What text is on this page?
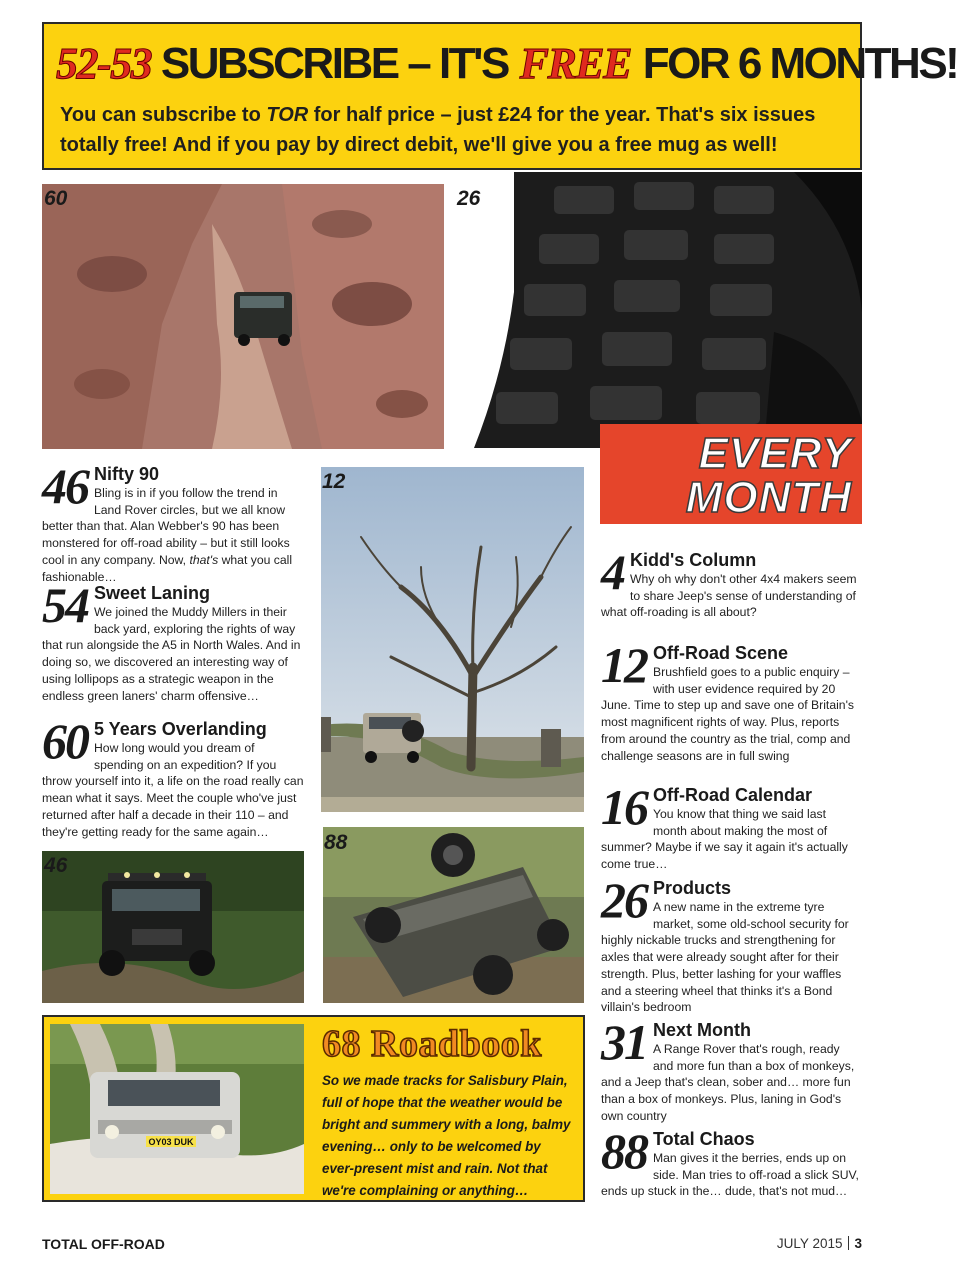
52-53 SUBSCRIBE – IT'S FREE FOR 6 MONTHS!
You can subscribe to TOR for half price – just £24 for the year. That's six issues
totally free! And if you pay by direct debit, we'll give you a free mug as well!
60	26
EVERY
MONTH
12
88
46
46 Nifty 90
Bling is in if you follow the trend in Land Rover circles, but we all know better than that. Alan Webber's 90 has been monstered for off-road ability – but it still looks cool in any company. Now, that's what you call fashionable…
54 Sweet Laning
We joined the Muddy Millers in their back yard, exploring the rights of way that run alongside the A5 in North Wales. And in doing so, we discovered an interesting way of using lollipops as a strategic weapon in the endless green laners' charm offensive…
60 5 Years Overlanding
How long would you dream of spending on an expedition? If you throw yourself into it, a life on the road really can mean what it says. Meet the couple who've just returned after half a decade in their 110 – and they're getting ready for the same again…
4 Kidd's Column
Why oh why don't other 4x4 makers seem to share Jeep's sense of understanding of what off-roading is all about?
12 Off-Road Scene
Brushfield goes to a public enquiry – with user evidence required by 20 June. Time to step up and save one of Britain's most magnificent rights of way. Plus, reports from around the country as the trial, comp and challenge seasons are in full swing
16 Off-Road Calendar
You know that thing we said last month about making the most of summer? Maybe if we say it again it's actually come true…
26 Products
A new name in the extreme tyre market, some old-school security for highly nickable trucks and strengthening for axles that were already sought after for their strength. Plus, better lashing for your waffles and a steering wheel that thinks it's a Bond villain's bedroom
31 Next Month
A Range Rover that's rough, ready and more fun than a box of monkeys, and a Jeep that's clean, sober and… more fun than a box of monkeys. Plus, laning in God's own country
88 Total Chaos
Man gives it the berries, ends up on side. Man tries to off-road a slick SUV, ends up stuck in the… dude, that's not mud…
OY03 DUK
68 Roadbook
So we made tracks for Salisbury Plain, full of hope that the weather would be bright and summery with a long, balmy evening… only to be welcomed by ever-present mist and rain. Not that we're complaining or anything…
TOTAL OFF-ROAD	JULY 2015 3
